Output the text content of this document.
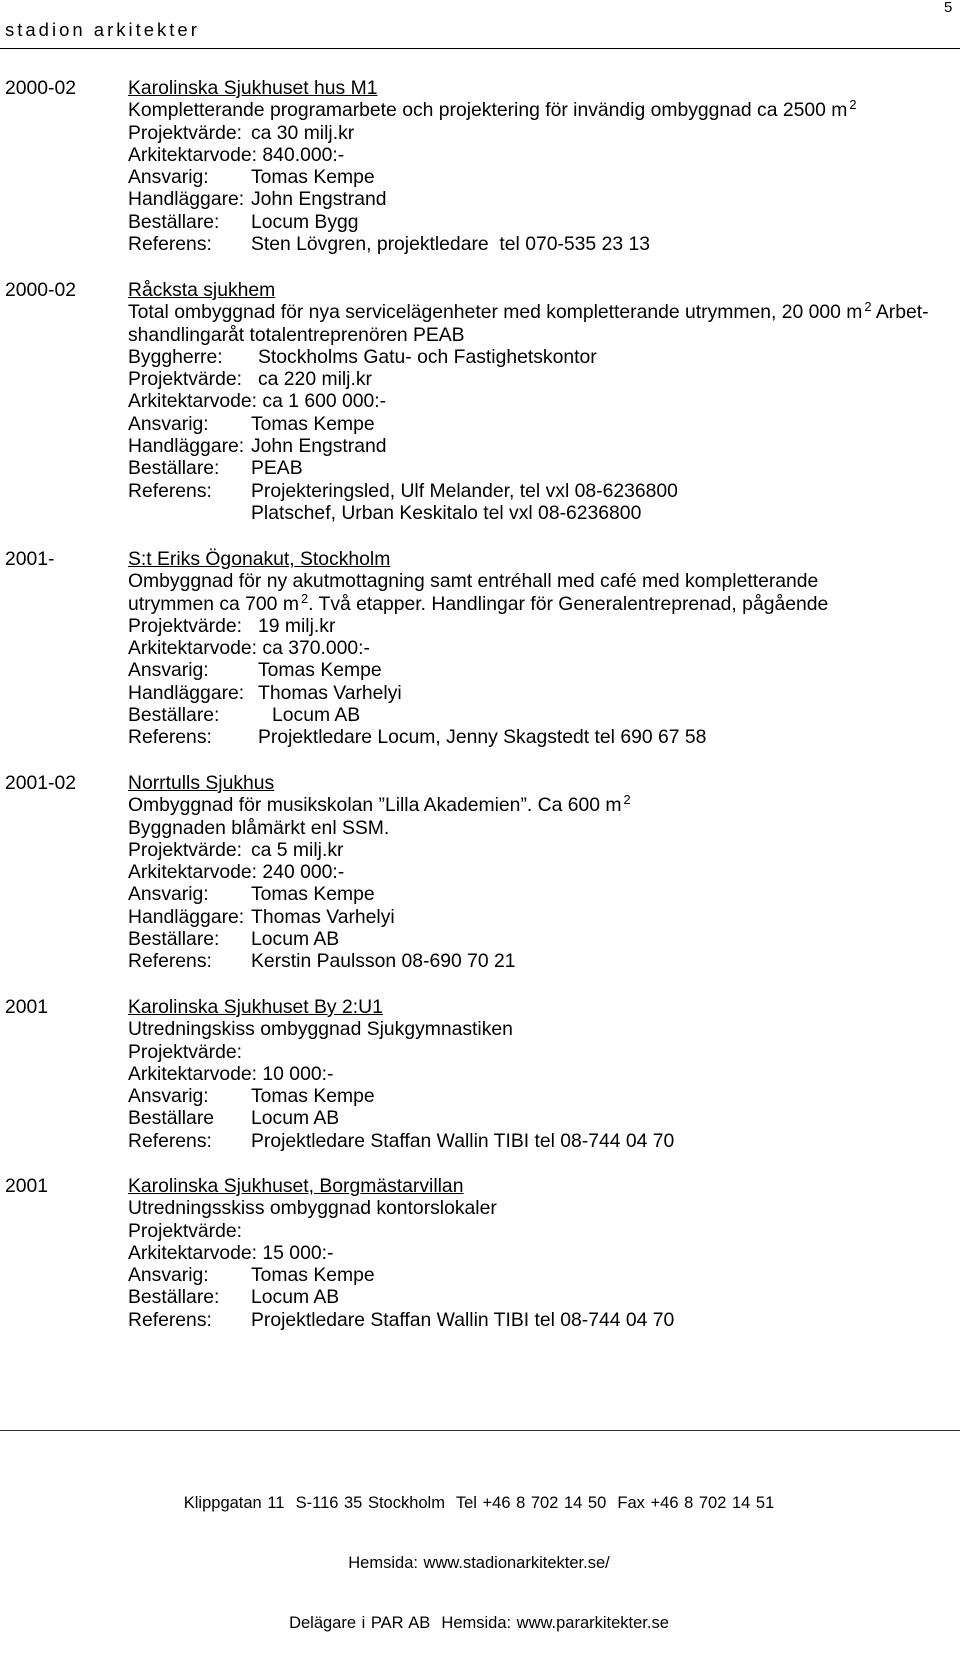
stadion arkitekter
5
2000-02	Karolinska Sjukhuset hus M1
Kompletterande programarbete och projektering för invändig ombyggnad ca 2500 m $^2$
Projektvärde: ca 30 milj.kr
Arkitektarvode: 840.000:-
Ansvarig: Tomas Kempe
Handläggare: John Engstrand
Beställare: Locum Bygg
Referens: Sten Lövgren, projektledare  tel 070-535 23 13
2000-02	Råcksta sjukhem
Total ombyggnad för nya servicelägenheter med kompletterande utrymmen, 20 000 m $^2$ Arbet-
shandlingaråt totalentreprenören PEAB
Byggherre: Stockholms Gatu- och Fastighetskontor
Projektvärde: ca 220 milj.kr
Arkitektarvode: ca 1 600 000:-
Ansvarig: Tomas Kempe
Handläggare: John Engstrand
Beställare: PEAB
Referens: Projekteringsled, Ulf Melander, tel vxl 08-6236800
Platschef, Urban Keskitalo tel vxl 08-6236800
2001-	S:t Eriks Ögonakut, Stockholm
Ombyggnad för ny akutmottagning samt entréhall med café med kompletterande
utrymmen ca 700 m $^2$. Två etapper. Handlingar för Generalentreprenad, pågående
Projektvärde: 19 milj.kr
Arkitektarvode: ca 370.000:-
Ansvarig:	Tomas Kempe
Handläggare: Thomas Varhelyi
Beställare:	Locum AB
Referens: Projektledare Locum, Jenny Skagstedt tel 690 67 58
2001-02	Norrtulls Sjukhus
Ombyggnad för musikskolan ”Lilla Akademien”. Ca 600 m $^2$
Byggnaden blåmärkt enl SSM.
Projektvärde: ca 5 milj.kr
Arkitektarvode: 240 000:-
Ansvarig: Tomas Kempe
Handläggare: Thomas Varhelyi
Beställare: Locum AB
Referens: Kerstin Paulsson 08-690 70 21
2001	Karolinska Sjukhuset By 2:U1
Utredningskiss ombyggnad Sjukgymnastiken
Projektvärde:
Arkitektarvode: 10 000:-
Ansvarig: Tomas Kempe
Beställare Locum AB
Referens: Projektledare Staffan Wallin TIBI tel 08-744 04 70
2001	Karolinska Sjukhuset, Borgmästarvillan
Utredningsskiss ombyggnad kontorslokaler
Projektvärde:
Arkitektarvode: 15 000:-
Ansvarig: Tomas Kempe
Beställare: Locum AB
Referens: Projektledare Staffan Wallin TIBI tel 08-744 04 70

Klippgatan 11  S-116 35 Stockholm  Tel +46 8 702 14 50  Fax +46 8 702 14 51

Hemsida: www.stadionarkitekter.se/

Delägare i PAR AB  Hemsida: www.pararkitekter.se
